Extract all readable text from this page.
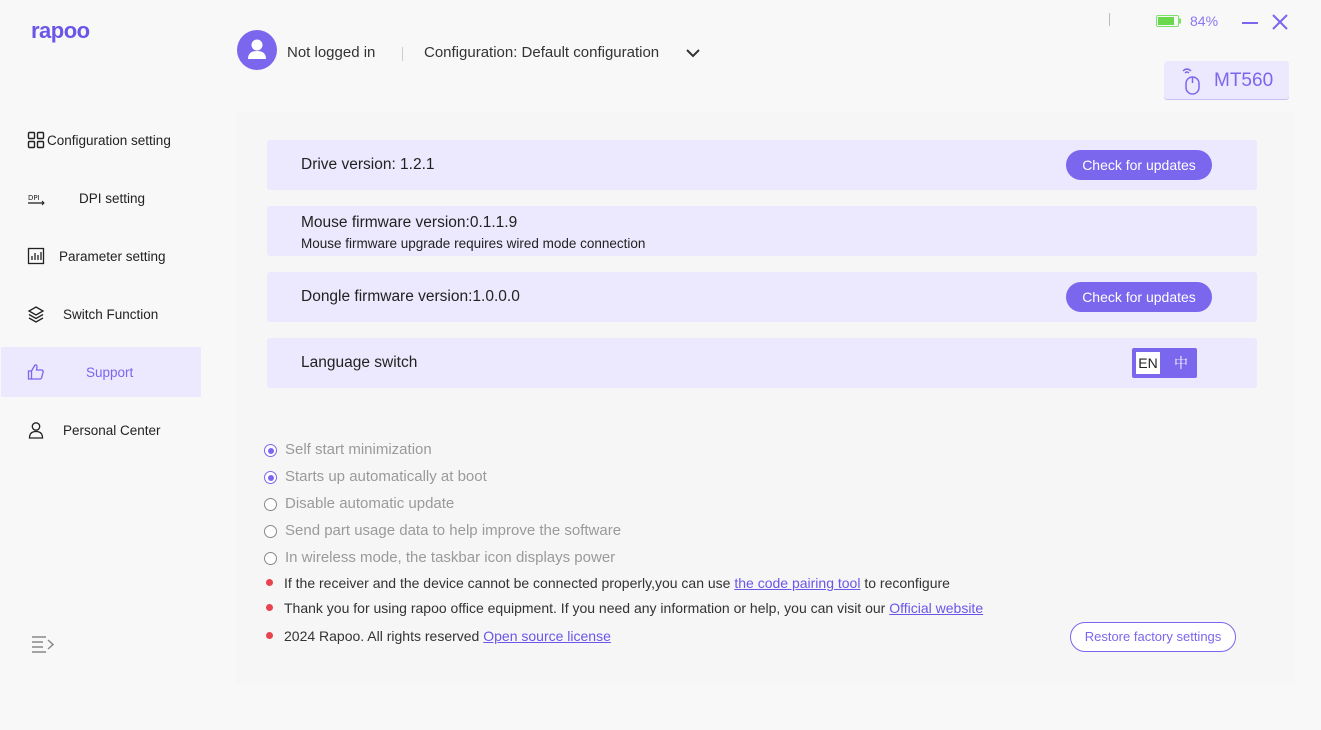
rapoo
Not logged in	Configuration: Default configuration
84%
MT560
Configuration setting
DPI	DPI setting
Parameter setting
Switch Function
Support
Personal Center
Drive version: 1.2.1	Check for updates
Mouse firmware version:0.1.1.9
Mouse firmware upgrade requires wired mode connection
Dongle firmware version:1.0.0.0	Check for updates
Language switch	EN 中
Self start minimization
Starts up automatically at boot
Disable automatic update
Send part usage data to help improve the software
In wireless mode, the taskbar icon displays power
If the receiver and the device cannot be connected properly,you can use the code pairing tool to reconfigure
Thank you for using rapoo office equipment. If you need any information or help, you can visit our Official website
2024 Rapoo. All rights reserved Open source license	Restore factory settings
